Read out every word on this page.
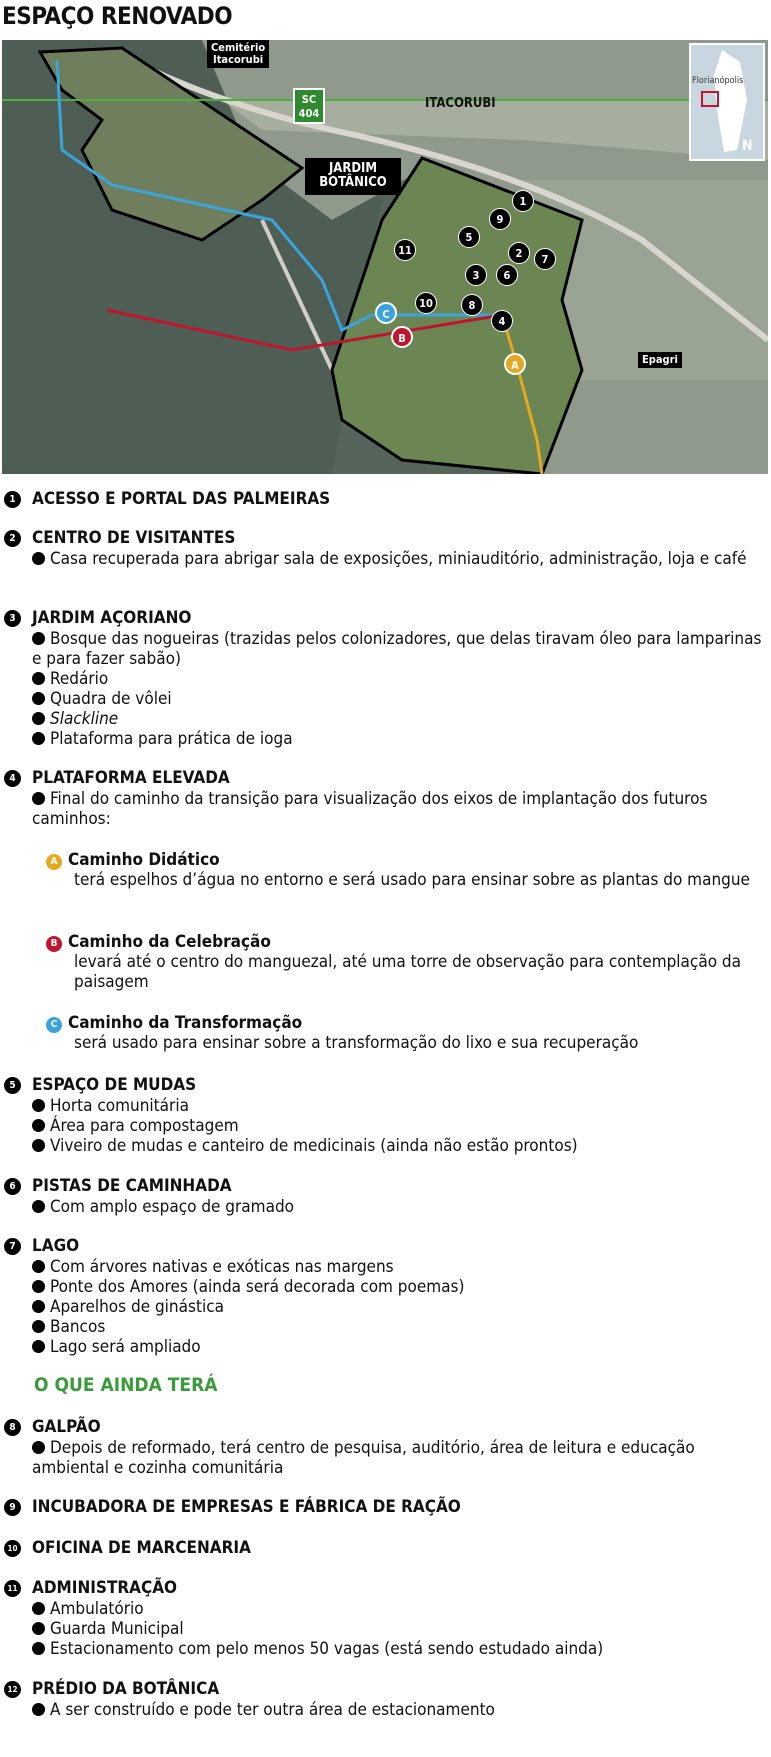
ESPAÇO RENOVADO
Cemitério
Itacorubi
SC
404
ITACORUBI
JARDIM
BOTÂNICO
Epagri
Florianópolis
N
1
2
3
4
5
6
7
8
9
10
11
A
B
C
1 ACESSO E PORTAL DAS PALMEIRAS
2 CENTRO DE VISITANTES
Casa recuperada para abrigar sala de exposições, miniauditório, administração, loja e café
3 JARDIM AÇORIANO
Bosque das nogueiras (trazidas pelos colonizadores, que delas tiravam óleo para lamparinas e para fazer sabão)
Redário
Quadra de vôlei
Slackline
Plataforma para prática de ioga
4 PLATAFORMA ELEVADA
Final do caminho da transição para visualização dos eixos de implantação dos futuros caminhos:
A Caminho Didático
terá espelhos d’água no entorno e será usado para ensinar sobre as plantas do mangue
B Caminho da Celebração
levará até o centro do manguezal, até uma torre de observação para contemplação da paisagem
C Caminho da Transformação
será usado para ensinar sobre a transformação do lixo e sua recuperação
5 ESPAÇO DE MUDAS
Horta comunitária
Área para compostagem
Viveiro de mudas e canteiro de medicinais (ainda não estão prontos)
6 PISTAS DE CAMINHADA
Com amplo espaço de gramado
7 LAGO
Com árvores nativas e exóticas nas margens
Ponte dos Amores (ainda será decorada com poemas)
Aparelhos de ginástica
Bancos
Lago será ampliado
O QUE AINDA TERÁ
8 GALPÃO
Depois de reformado, terá centro de pesquisa, auditório, área de leitura e educação ambiental e cozinha comunitária
9 INCUBADORA DE EMPRESAS E FÁBRICA DE RAÇÃO
10 OFICINA DE MARCENARIA
11 ADMINISTRAÇÃO
Ambulatório
Guarda Municipal
Estacionamento com pelo menos 50 vagas (está sendo estudado ainda)
12 PRÉDIO DA BOTÂNICA
A ser construído e pode ter outra área de estacionamento
